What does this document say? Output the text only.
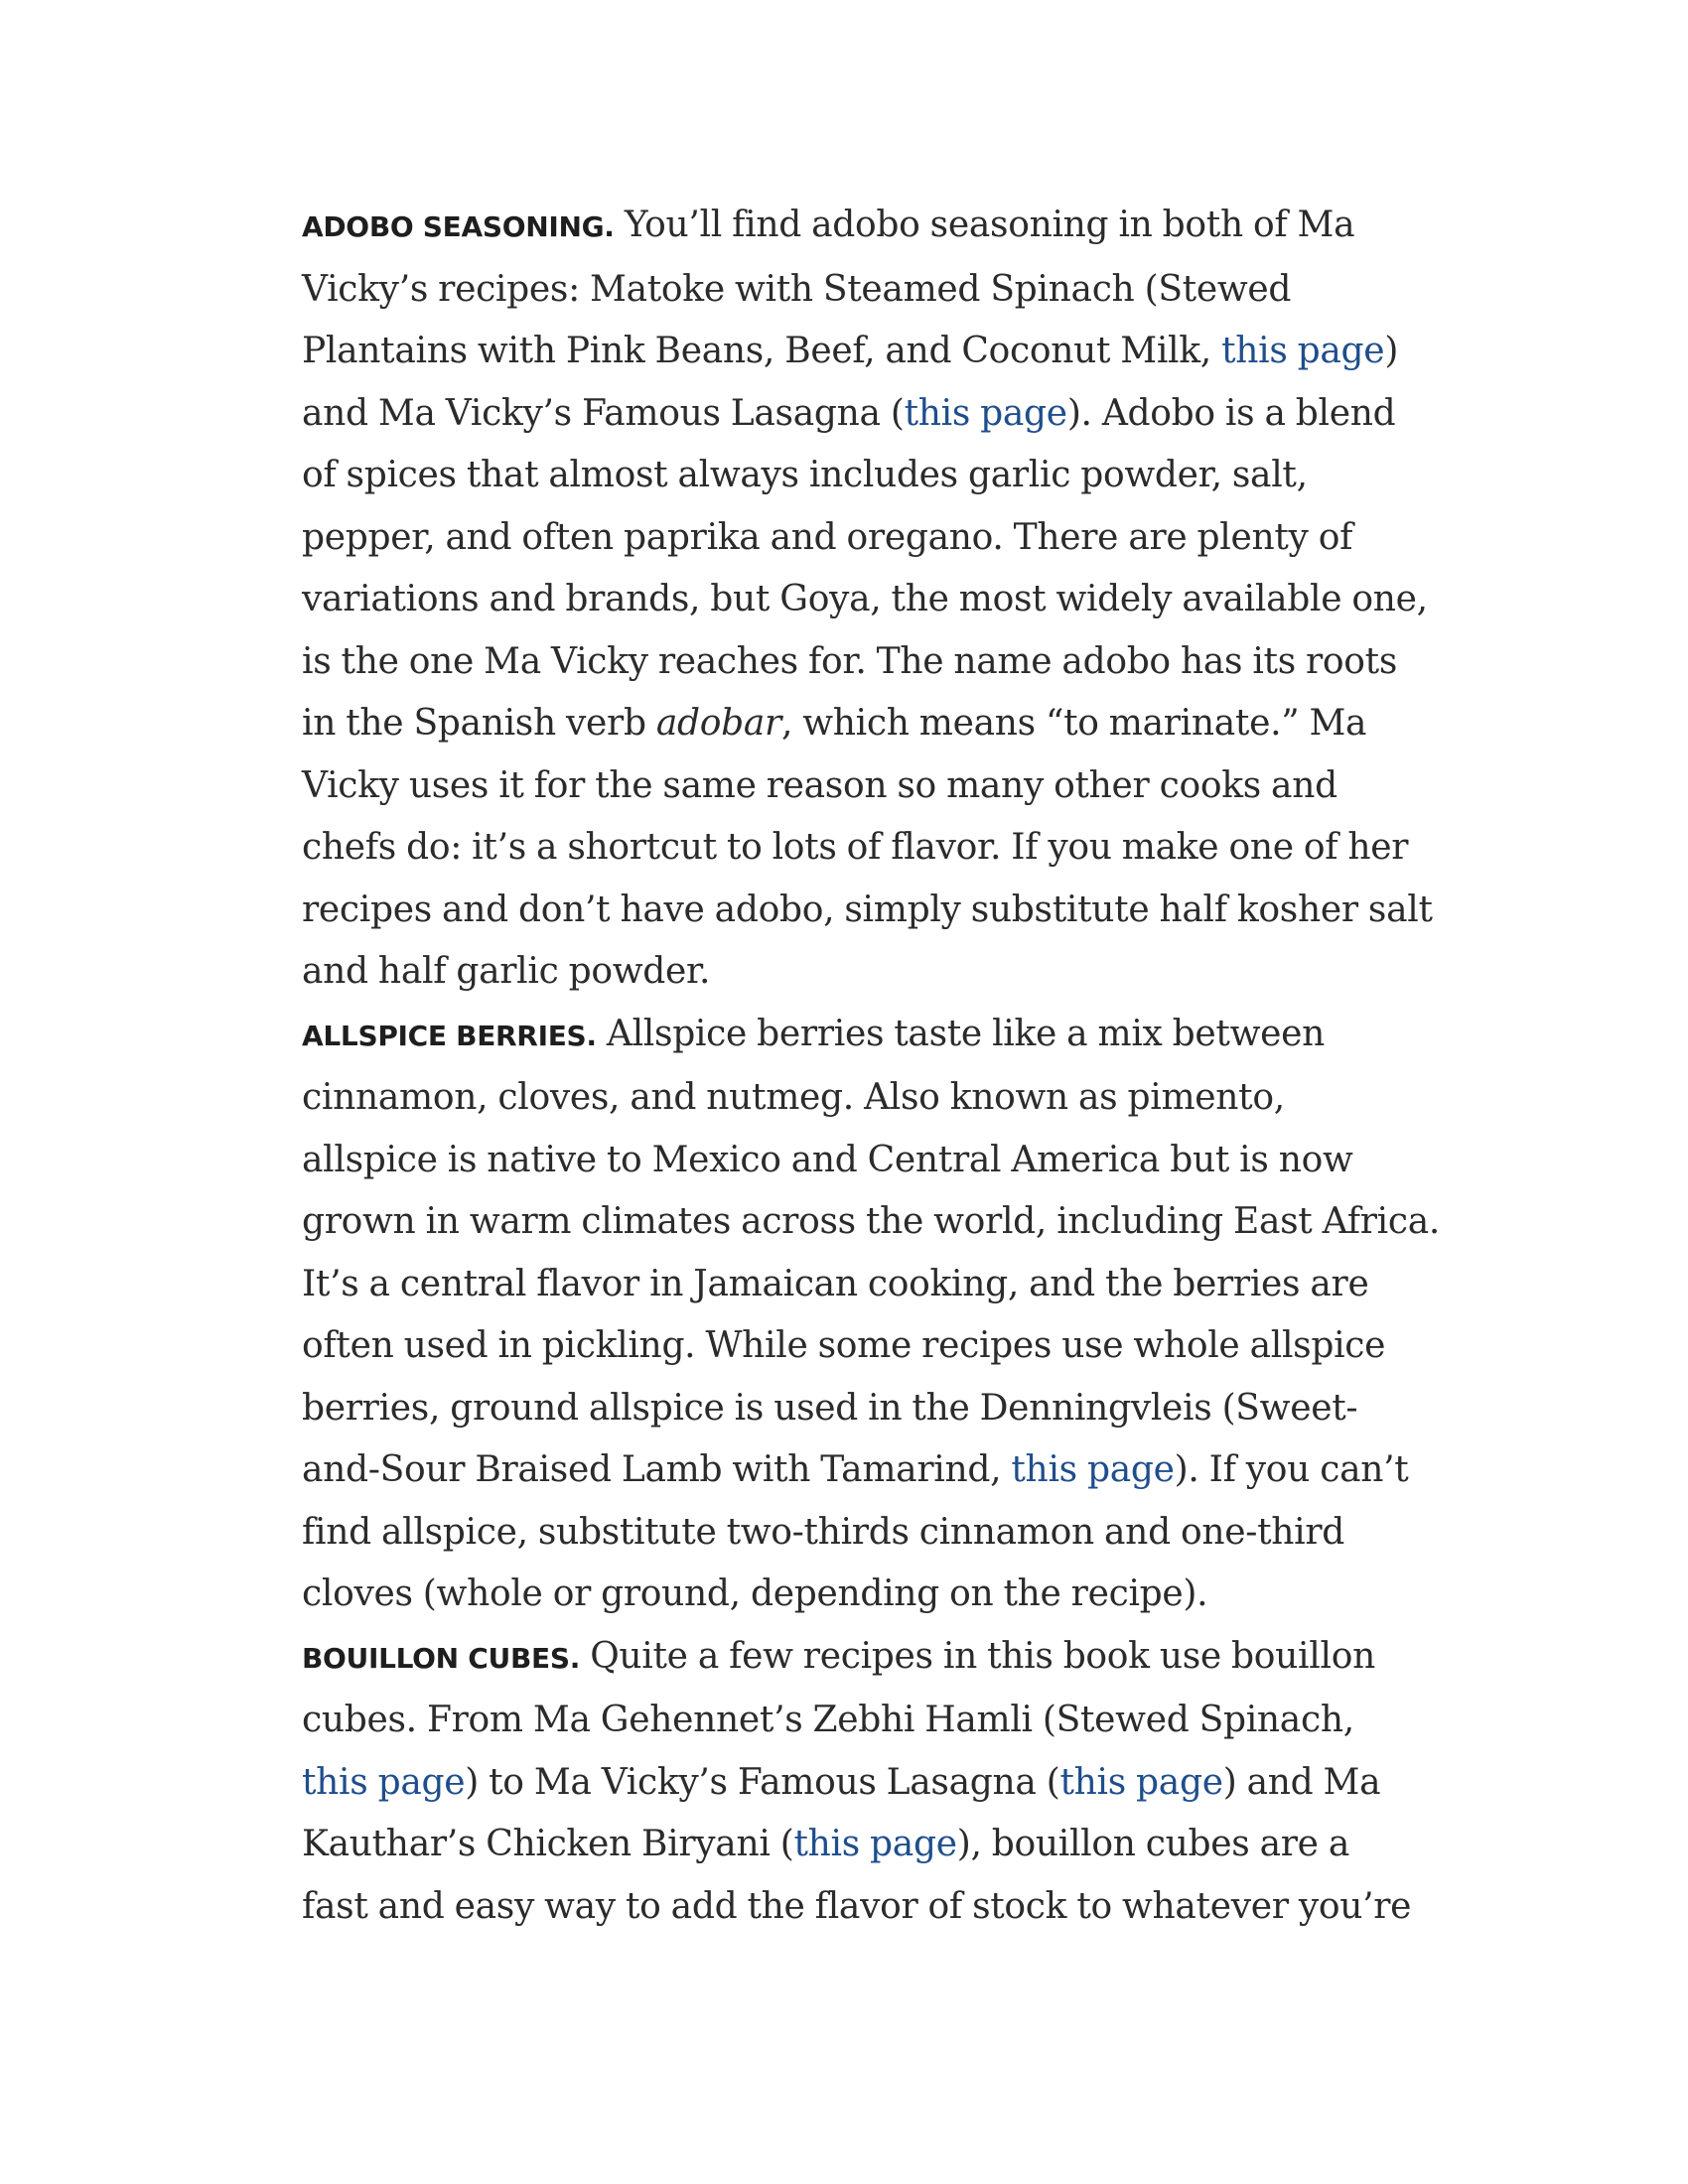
ADOBO SEASONING. You’ll find adobo seasoning in both of Ma
Vicky’s recipes: Matoke with Steamed Spinach (Stewed
Plantains with Pink Beans, Beef, and Coconut Milk, this page)
and Ma Vicky’s Famous Lasagna (this page). Adobo is a blend
of spices that almost always includes garlic powder, salt,
pepper, and often paprika and oregano. There are plenty of
variations and brands, but Goya, the most widely available one,
is the one Ma Vicky reaches for. The name adobo has its roots
in the Spanish verb adobar, which means “to marinate.” Ma
Vicky uses it for the same reason so many other cooks and
chefs do: it’s a shortcut to lots of flavor. If you make one of her
recipes and don’t have adobo, simply substitute half kosher salt
and half garlic powder.

ALLSPICE BERRIES. Allspice berries taste like a mix between
cinnamon, cloves, and nutmeg. Also known as pimento,
allspice is native to Mexico and Central America but is now
grown in warm climates across the world, including East Africa.
It’s a central flavor in Jamaican cooking, and the berries are
often used in pickling. While some recipes use whole allspice
berries, ground allspice is used in the Denningvleis (Sweet-
and-Sour Braised Lamb with Tamarind, this page). If you can’t
find allspice, substitute two-thirds cinnamon and one-third
cloves (whole or ground, depending on the recipe).

BOUILLON CUBES. Quite a few recipes in this book use bouillon
cubes. From Ma Gehennet’s Zebhi Hamli (Stewed Spinach,
this page) to Ma Vicky’s Famous Lasagna (this page) and Ma
Kauthar’s Chicken Biryani (this page), bouillon cubes are a
fast and easy way to add the flavor of stock to whatever you’re
